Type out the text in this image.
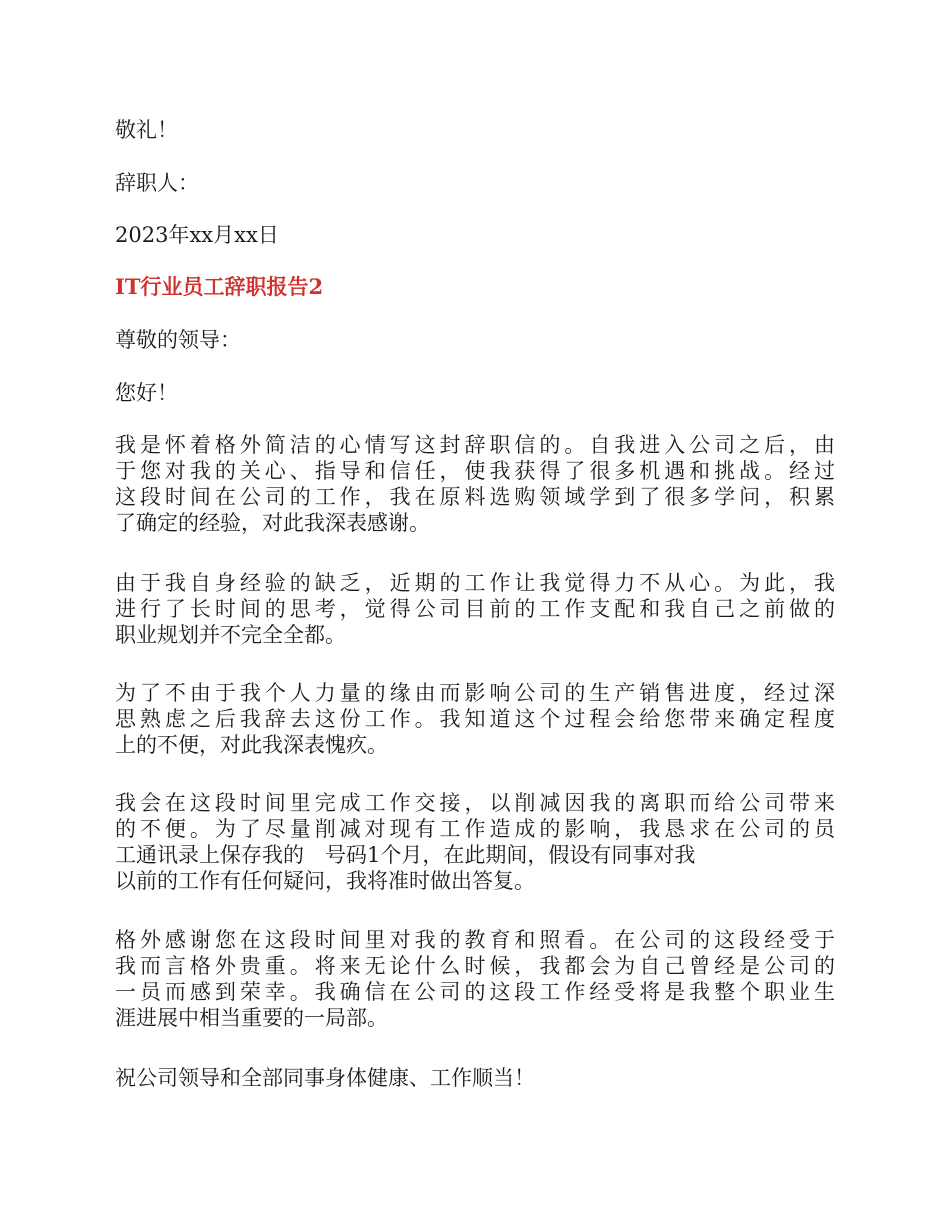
敬礼！
辞职人：
2023年xx月xx日
IT行业员工辞职报告2
尊敬的领导：
您好！
我是怀着格外简洁的心情写这封辞职信的。自我进入公司之后，由
于您对我的关心、指导和信任，使我获得了很多机遇和挑战。经过
这段时间在公司的工作，我在原料选购领域学到了很多学问，积累
了确定的经验，对此我深表感谢。
由于我自身经验的缺乏，近期的工作让我觉得力不从心。为此，我
进行了长时间的思考，觉得公司目前的工作支配和我自己之前做的
职业规划并不完全全都。
为了不由于我个人力量的缘由而影响公司的生产销售进度，经过深
思熟虑之后我辞去这份工作。我知道这个过程会给您带来确定程度
上的不便，对此我深表愧疚。
我会在这段时间里完成工作交接，以削减因我的离职而给公司带来
的不便。为了尽量削减对现有工作造成的影响，我恳求在公司的员
工通讯录上保存我的　号码1个月，在此期间，假设有同事对我
以前的工作有任何疑问，我将准时做出答复。
格外感谢您在这段时间里对我的教育和照看。在公司的这段经受于
我而言格外贵重。将来无论什么时候，我都会为自己曾经是公司的
一员而感到荣幸。我确信在公司的这段工作经受将是我整个职业生
涯进展中相当重要的一局部。
祝公司领导和全部同事身体健康、工作顺当！
